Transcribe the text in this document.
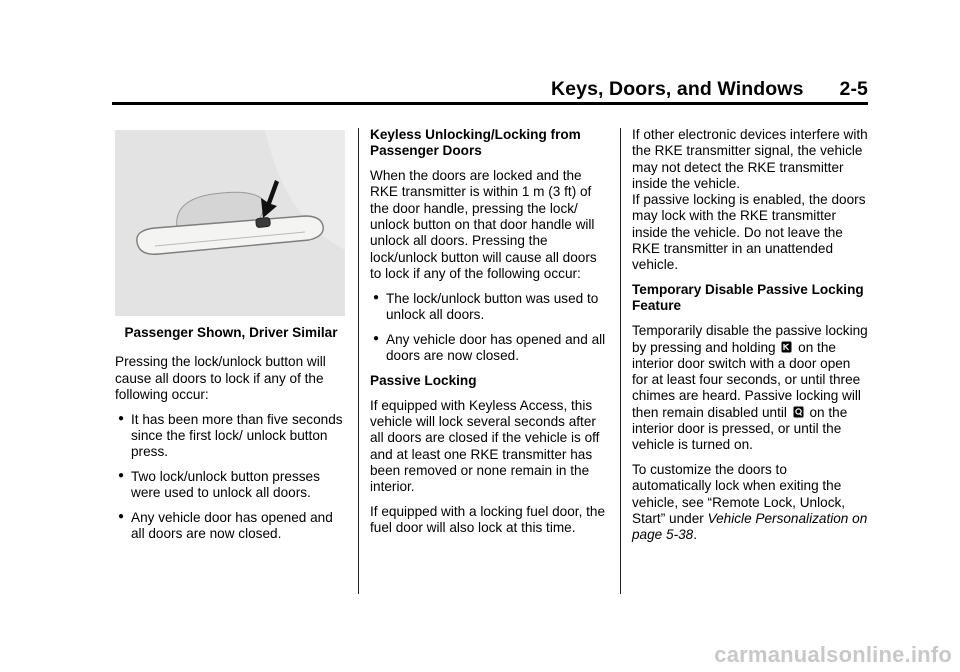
Keys, Doors, and Windows 2-5
Passenger Shown, Driver Similar

Pressing the lock/unlock button will cause all doors to lock if any of the following occur:

● It has been more than five seconds since the first lock/ unlock button press.
● Two lock/unlock button presses were used to unlock all doors.
● Any vehicle door has opened and all doors are now closed.
Keyless Unlocking/Locking from Passenger Doors

When the doors are locked and the RKE transmitter is within 1 m (3 ft) of the door handle, pressing the lock/ unlock button on that door handle will unlock all doors. Pressing the lock/unlock button will cause all doors to lock if any of the following occur:

● The lock/unlock button was used to unlock all doors.
● Any vehicle door has opened and all doors are now closed.
Passive Locking

If equipped with Keyless Access, this vehicle will lock several seconds after all doors are closed if the vehicle is off and at least one RKE transmitter has been removed or none remain in the interior.

If equipped with a locking fuel door, the fuel door will also lock at this time.

If other electronic devices interfere with the RKE transmitter signal, the vehicle may not detect the RKE transmitter inside the vehicle.

If passive locking is enabled, the doors may lock with the RKE transmitter inside the vehicle. Do not leave the RKE transmitter in an unattended vehicle.

Temporary Disable Passive Locking Feature

Temporarily disable the passive locking by pressing and holding on the interior door switch with a door open for at least four seconds, or until three chimes are heard. Passive locking will then remain disabled until on the interior door is pressed, or until the vehicle is turned on.

To customize the doors to automatically lock when exiting the vehicle, see “Remote Lock, Unlock, Start” under Vehicle Personalization on page 5-38.

carmanualsonline.info
